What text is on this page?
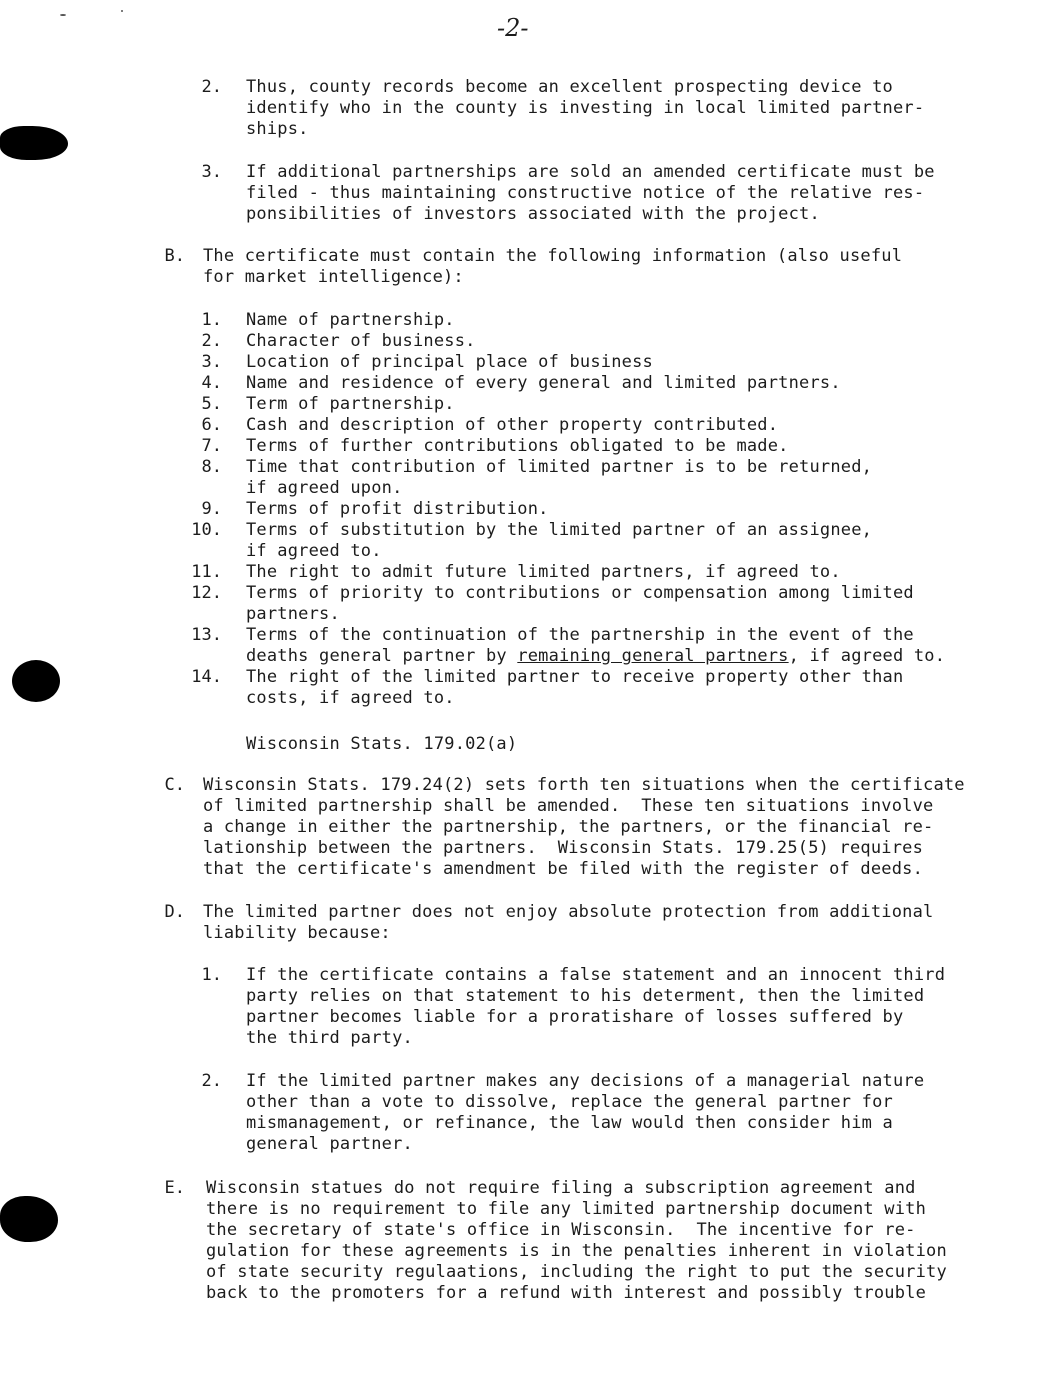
-2-
2. Thus, county records become an excellent prospecting device to
identify who in the county is investing in local limited partner-
ships.
3. If additional partnerships are sold an amended certificate must be
filed - thus maintaining constructive notice of the relative res-
ponsibilities of investors associated with the project.
B. The certificate must contain the following information (also useful
for market intelligence):
1. Name of partnership.
2. Character of business.
3. Location of principal place of business
4. Name and residence of every general and limited partners.
5. Term of partnership.
6. Cash and description of other property contributed.
7. Terms of further contributions obligated to be made.
8. Time that contribution of limited partner is to be returned,
if agreed upon.
9. Terms of profit distribution.
10. Terms of substitution by the limited partner of an assignee,
if agreed to.
11. The right to admit future limited partners, if agreed to.
12. Terms of priority to contributions or compensation among limited
partners.
13. Terms of the continuation of the partnership in the event of the
deaths general partner by remaining general partners, if agreed to.
14. The right of the limited partner to receive property other than
costs, if agreed to.
Wisconsin Stats. 179.02(a)
C. Wisconsin Stats. 179.24(2) sets forth ten situations when the certificate
of limited partnership shall be amended.  These ten situations involve
a change in either the partnership, the partners, or the financial re-
lationship between the partners.  Wisconsin Stats. 179.25(5) requires
that the certificate's amendment be filed with the register of deeds.
D. The limited partner does not enjoy absolute protection from additional
liability because:
1. If the certificate contains a false statement and an innocent third
party relies on that statement to his determent, then the limited
partner becomes liable for a proratishare of losses suffered by
the third party.
2. If the limited partner makes any decisions of a managerial nature
other than a vote to dissolve, replace the general partner for
mismanagement, or refinance, the law would then consider him a
general partner.
E. Wisconsin statues do not require filing a subscription agreement and
there is no requirement to file any limited partnership document with
the secretary of state's office in Wisconsin.  The incentive for re-
gulation for these agreements is in the penalties inherent in violation
of state security regulaations, including the right to put the security
back to the promoters for a refund with interest and possibly trouble
